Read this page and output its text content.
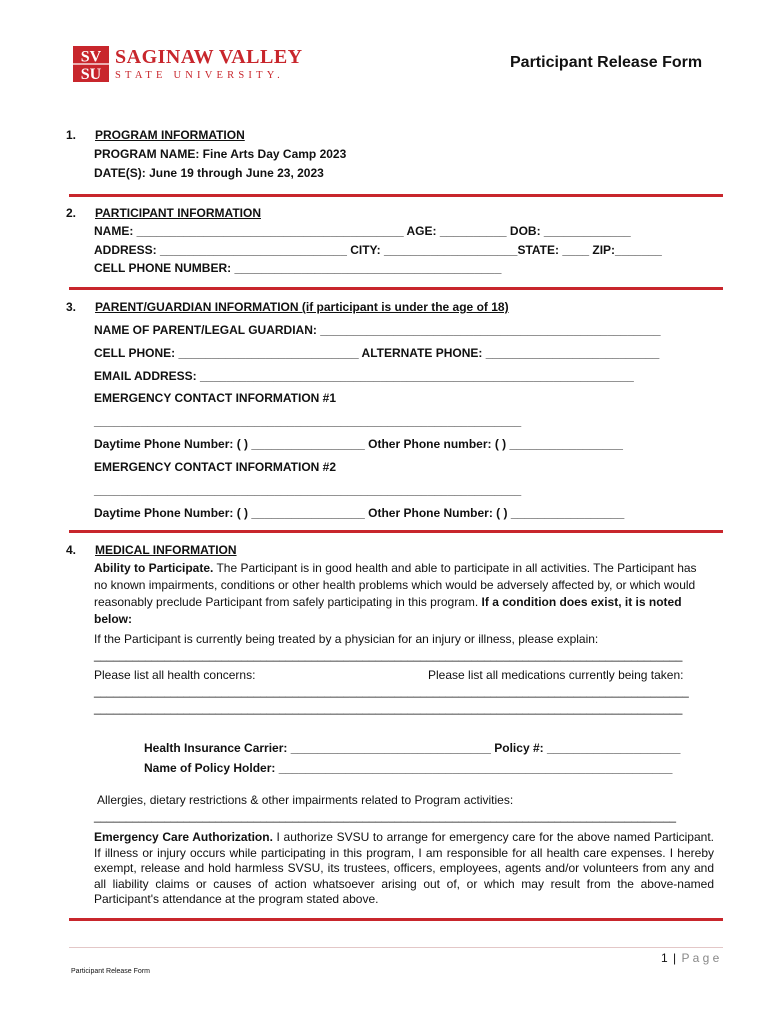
SV
SU
SAGINAW VALLEY
STATE UNIVERSITY.
Participant Release Form
1. PROGRAM INFORMATION
PROGRAM NAME: Fine Arts Day Camp 2023
DATE(S): June 19 through June 23, 2023
2. PARTICIPANT INFORMATION
NAME: ________________________________________ AGE: __________ DOB: _____________
ADDRESS: ____________________________ CITY: ____________________STATE: ____ ZIP:_______
CELL PHONE NUMBER: ________________________________________
3. PARENT/GUARDIAN INFORMATION (if participant is under the age of 18)
NAME OF PARENT/LEGAL GUARDIAN: ___________________________________________________
CELL PHONE: ___________________________ ALTERNATE PHONE: __________________________
EMAIL ADDRESS: _________________________________________________________________
EMERGENCY CONTACT INFORMATION #1
________________________________________________________________
Daytime Phone Number: ( ) _________________ Other Phone number: ( ) _________________
EMERGENCY CONTACT INFORMATION #2
________________________________________________________________
Daytime Phone Number: ( ) _________________ Other Phone Number: ( ) _________________
4. MEDICAL INFORMATION
Ability to Participate. The Participant is in good health and able to participate in all activities. The Participant has no known impairments, conditions or other health problems which would be adversely affected by, or which would reasonably preclude Participant from safely participating in this program. If a condition does exist, it is noted below:
If the Participant is currently being treated by a physician for an injury or illness, please explain:
____________________________________________________________________________________________
Please list all health concerns:	Please list all medications currently being taken:
_____________________________________________________________________________________________
____________________________________________________________________________________________
Health Insurance Carrier: ______________________________ Policy #: ____________________
Name of Policy Holder: ___________________________________________________________
Allergies, dietary restrictions & other impairments related to Program activities:
___________________________________________________________________________________________
Emergency Care Authorization. I authorize SVSU to arrange for emergency care for the above named Participant. If illness or injury occurs while participating in this program, I am responsible for all health care expenses. I hereby exempt, release and hold harmless SVSU, its trustees, officers, employees, agents and/or volunteers from any and all liability claims or causes of action whatsoever arising out of, or which may result from the above-named Participant's attendance at the program stated above.
1 | P a g e
Participant Release Form
